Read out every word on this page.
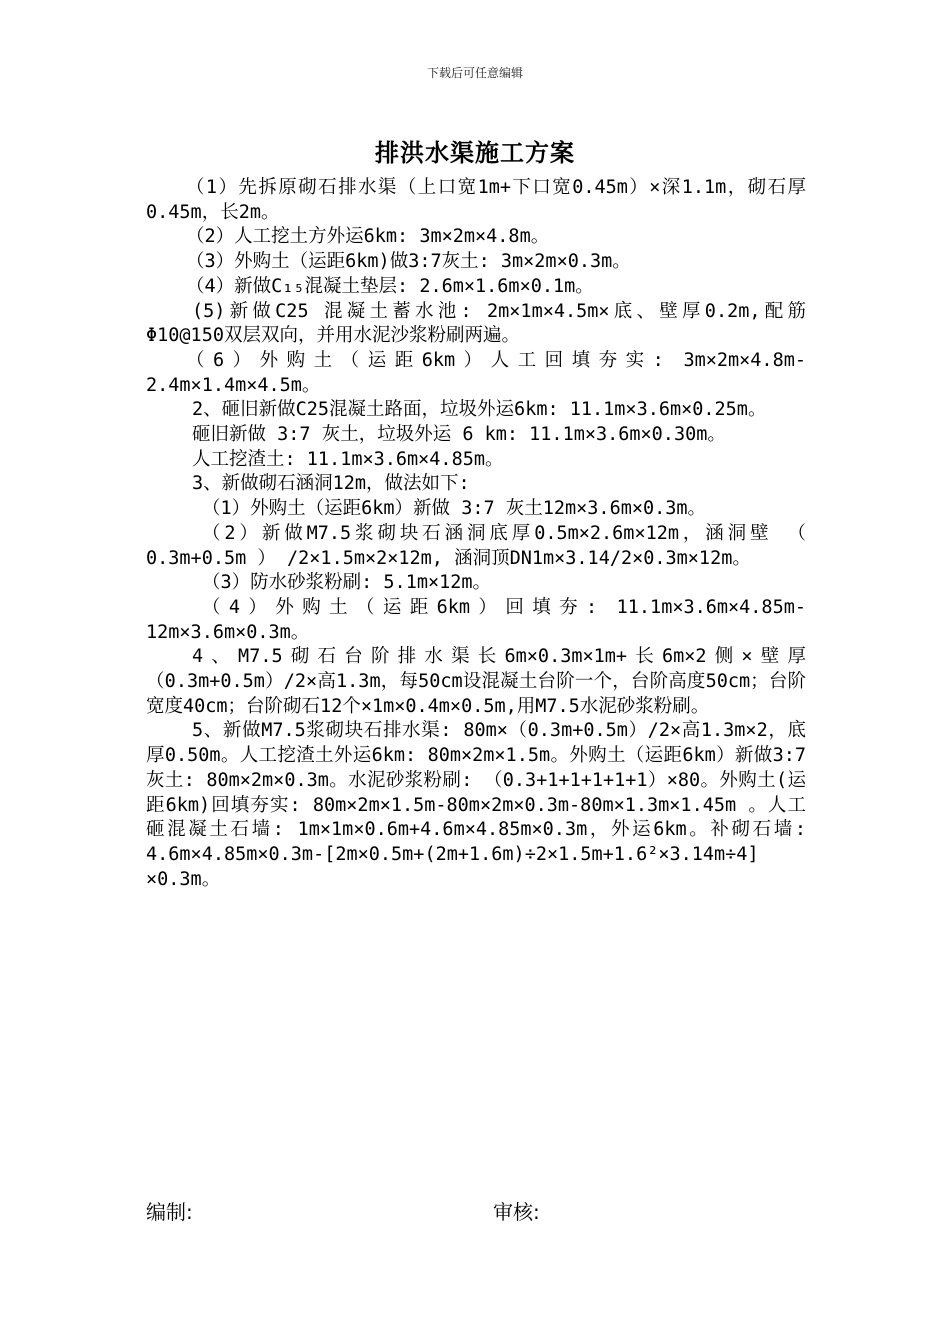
下载后可任意编辑
排洪水渠施工方案

（1）先拆原砌石排水渠（上口宽1m+下口宽0.45m）×深1.1m，砌石厚0.45m，长2m。

（2）人工挖土方外运6km: 3m×2m×4.8m。

（3）外购土（运距6km)做3:7灰土: 3m×2m×0.3m。

（4）新做C₁₅混凝土垫层: 2.6m×1.6m×0.1m。

(5)新做C25 混凝土蓄水池: 2m×1m×4.5m×底、壁厚0.2m,配筋Φ10@150双层双向，并用水泥沙浆粉刷两遍。

（6）外购土（运距6km）人工回填夯实: 3m×2m×4.8m-2.4m×1.4m×4.5m。

2、砸旧新做C25混凝土路面，垃圾外运6km: 11.1m×3.6m×0.25m。

砸旧新做 3:7 灰土，垃圾外运 6 km: 11.1m×3.6m×0.30m。

人工挖渣土: 11.1m×3.6m×4.85m。

3、新做砌石涵洞12m，做法如下:

（1）外购土（运距6km）新做 3:7 灰土12m×3.6m×0.3m。

（2）新做M7.5浆砌块石涵洞底厚0.5m×2.6m×12m，涵洞壁 （ 0.3m+0.5m ） /2×1.5m×2×12m, 涵洞顶DN1m×3.14/2×0.3m×12m。

（3）防水砂浆粉刷: 5.1m×12m。

（4）外购土（运距6km）回填夯: 11.1m×3.6m×4.85m-12m×3.6m×0.3m。

4、M7.5砌石台阶排水渠长6m×0.3m×1m+长6m×2侧×壁厚（0.3m+0.5m）/2×高1.3m，每50cm设混凝土台阶一个，台阶高度50cm；台阶宽度40cm；台阶砌石12个×1m×0.4m×0.5m,用M7.5水泥砂浆粉刷。

5、新做M7.5浆砌块石排水渠: 80m×（0.3m+0.5m）/2×高1.3m×2，底厚0.50m。人工挖渣土外运6km: 80m×2m×1.5m。外购土（运距6km）新做3:7灰土: 80m×2m×0.3m。水泥砂浆粉刷: （0.3+1+1+1+1+1）×80。外购土(运距6km)回填夯实: 80m×2m×1.5m-80m×2m×0.3m-80m×1.3m×1.45m 。人工砸混凝土石墙: 1m×1m×0.6m+4.6m×4.85m×0.3m，外运6km。补砌石墙: 4.6m×4.85m×0.3m-[2m×0.5m+(2m+1.6m)÷2×1.5m+1.6²×3.14m÷4] ×0.3m。

编制:	审核:
